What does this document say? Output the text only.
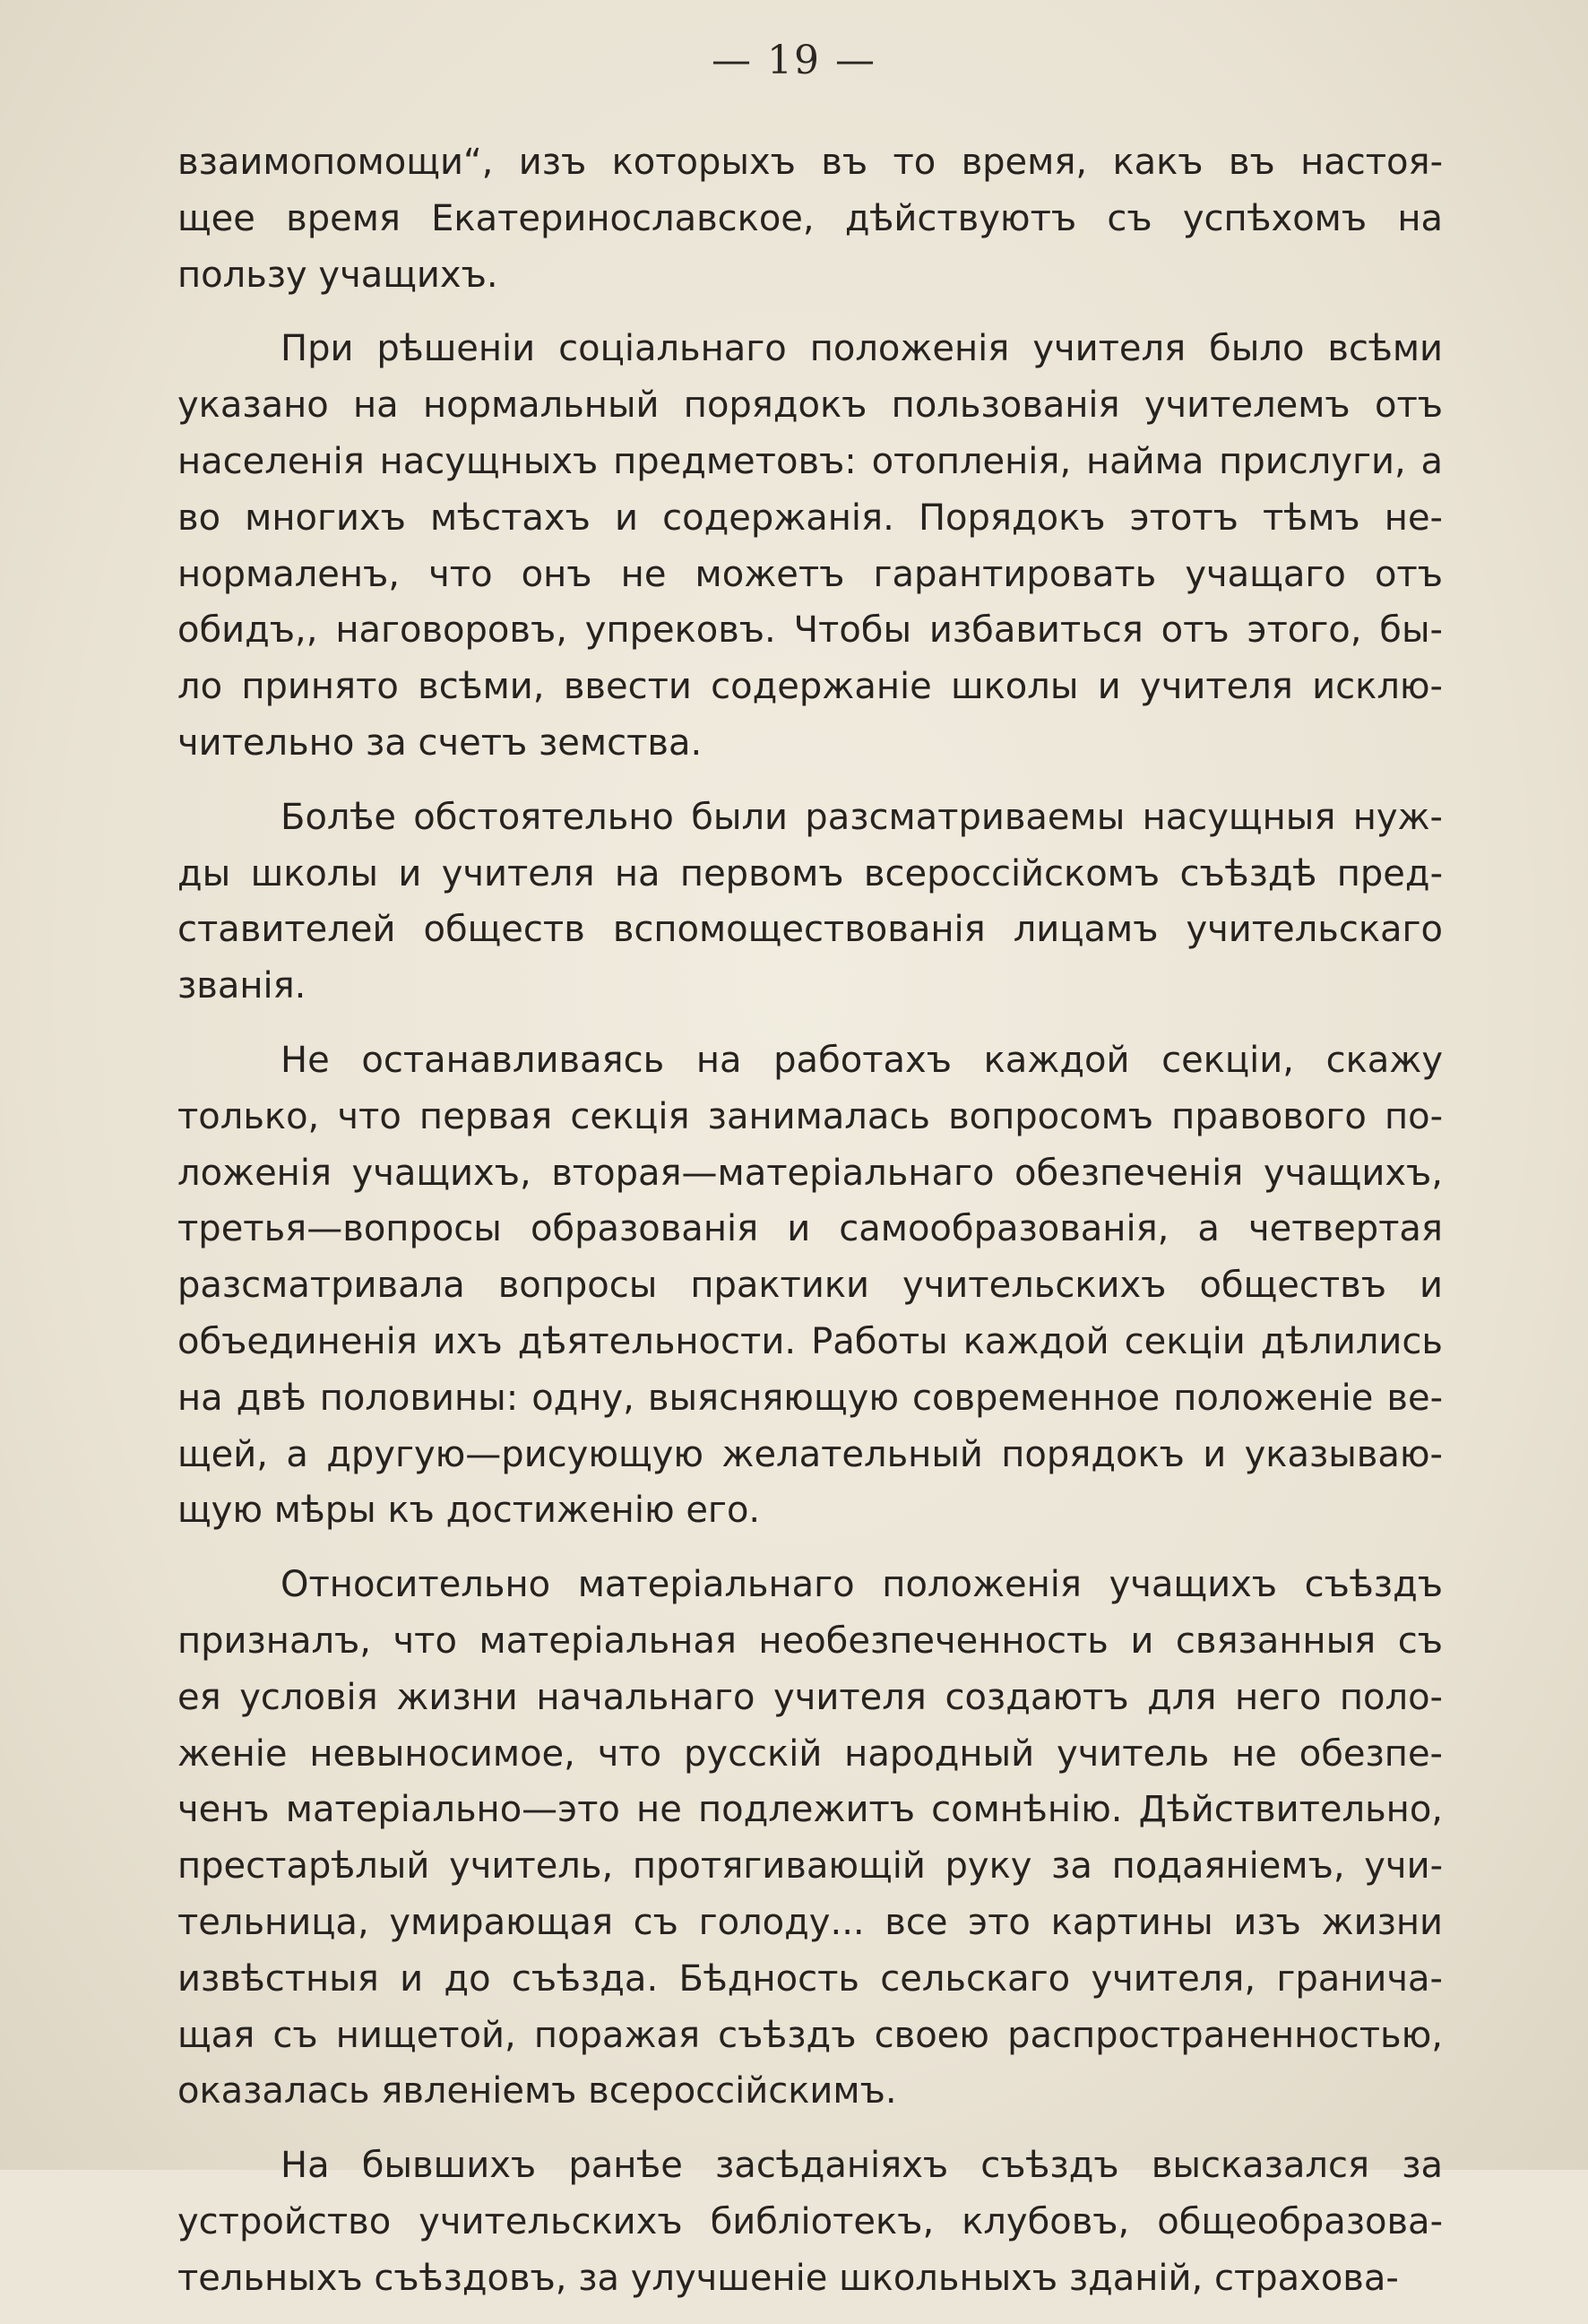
— 19 —
взаимопомощи“, изъ которыхъ въ то время, какъ въ настоя-
щее время Екатеринославское, дѣйствуютъ съ успѣхомъ на
пользу учащихъ.
При рѣшеніи соціальнаго положенія учителя было всѣми
указано на нормальный порядокъ пользованія учителемъ отъ
населенія насущныхъ предметовъ: отопленія, найма прислуги, а
во многихъ мѣстахъ и содержанія. Порядокъ этотъ тѣмъ не-
нормаленъ, что онъ не можетъ гарантировать учащаго отъ
обидъ,, наговоровъ, упрековъ. Чтобы избавиться отъ этого, бы-
ло принято всѣми, ввести содержаніе школы и учителя исклю-
чительно за счетъ земства.
Болѣе обстоятельно были разсматриваемы насущныя нуж-
ды школы и учителя на первомъ всероссійскомъ съѣздѣ пред-
ставителей обществ вспомоществованія лицамъ учительскаго
званія.
Не останавливаясь на работахъ каждой секціи, скажу
только, что первая секція занималась вопросомъ правового по-
ложенія учащихъ, вторая—матеріальнаго обезпеченія учащихъ,
третья—вопросы образованія и самообразованія, а четвертая
разсматривала вопросы практики учительскихъ обществъ и
объединенія ихъ дѣятельности. Работы каждой секціи дѣлились
на двѣ половины: одну, выясняющую современное положеніе ве-
щей, а другую—рисующую желательный порядокъ и указываю-
щую мѣры къ достиженію его.
Относительно матеріальнаго положенія учащихъ съѣздъ
призналъ, что матеріальная необезпеченность и связанныя съ
ея условія жизни начальнаго учителя создаютъ для него поло-
женіе невыносимое, что русскій народный учитель не обезпе-
ченъ матеріально—это не подлежитъ сомнѣнію. Дѣйствительно,
престарѣлый учитель, протягивающій руку за подаяніемъ, учи-
тельница, умирающая съ голоду... все это картины изъ жизни
извѣстныя и до съѣзда. Бѣдность сельскаго учителя, гранича-
щая съ нищетой, поражая съѣздъ своею распространенностью,
оказалась явленіемъ всероссійскимъ.
На бывшихъ ранѣе засѣданіяхъ съѣздъ высказался за
устройство учительскихъ библіотекъ, клубовъ, общеобразова-
тельныхъ съѣздовъ, за улучшеніе школьныхъ зданій, страхова-
